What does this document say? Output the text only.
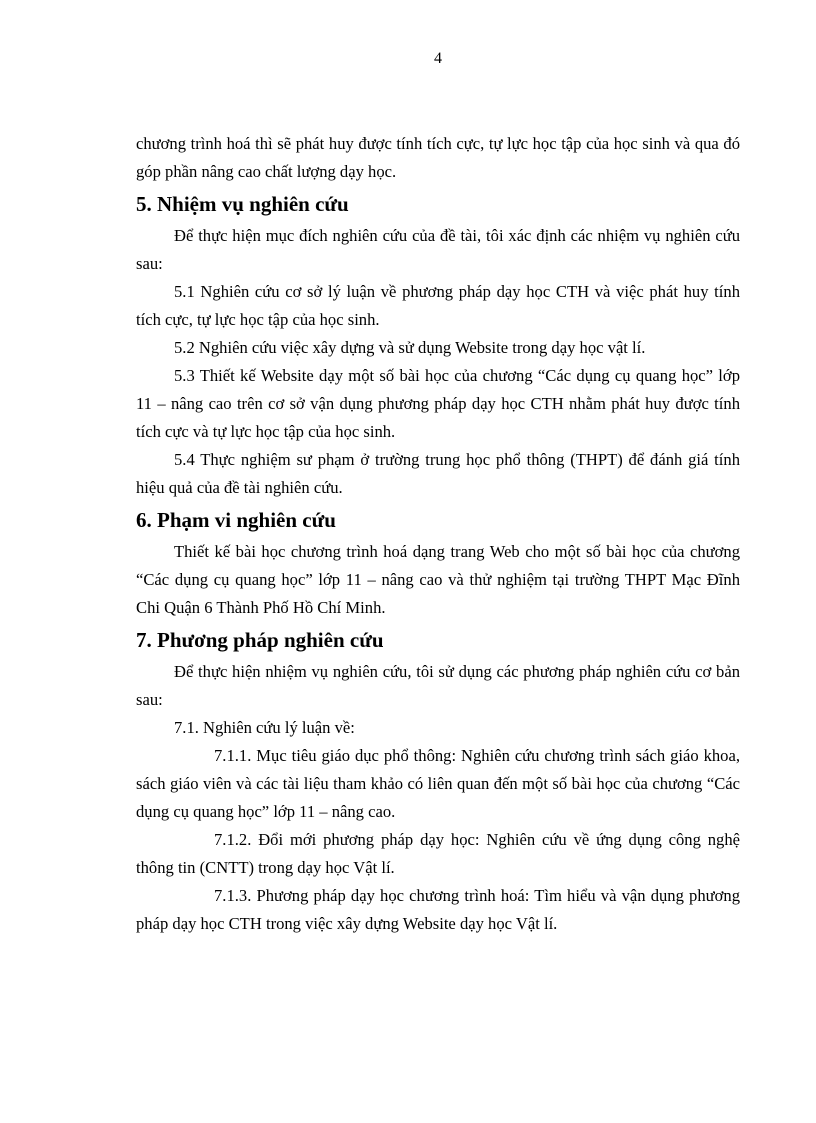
4

chương trình hoá thì sẽ phát huy được tính tích cực, tự lực học tập của học sinh và qua đó góp phần nâng cao chất lượng dạy học.

5. Nhiệm vụ nghiên cứu

Để thực hiện mục đích nghiên cứu của đề tài, tôi xác định các nhiệm vụ nghiên cứu sau:

5.1 Nghiên cứu cơ sở lý luận về phương pháp dạy học CTH và việc phát huy tính tích cực, tự lực học tập của học sinh.

5.2 Nghiên cứu việc xây dựng và sử dụng Website trong dạy học vật lí.

5.3 Thiết kế Website dạy một số bài học của chương “Các dụng cụ quang học” lớp 11 – nâng cao trên cơ sở vận dụng phương pháp dạy học CTH nhằm phát huy được tính tích cực và tự lực học tập của học sinh.

5.4 Thực nghiệm sư phạm ở trường trung học phổ thông (THPT) để đánh giá tính hiệu quả của đề tài nghiên cứu.

6. Phạm vi nghiên cứu

Thiết kế bài học chương trình hoá dạng trang Web cho một số bài học của chương “Các dụng cụ quang học” lớp 11 – nâng cao và thử nghiệm tại trường THPT Mạc Đĩnh Chi Quận 6 Thành Phố Hồ Chí Minh.

7. Phương pháp nghiên cứu

Để thực hiện nhiệm vụ nghiên cứu, tôi sử dụng các phương pháp nghiên cứu cơ bản sau:

7.1. Nghiên cứu lý luận về:

7.1.1. Mục tiêu giáo dục phổ thông: Nghiên cứu chương trình sách giáo khoa, sách giáo viên và các tài liệu tham khảo có liên quan đến một số bài học của chương “Các dụng cụ quang học” lớp 11 – nâng cao.

7.1.2. Đổi mới phương pháp dạy học: Nghiên cứu về ứng dụng công nghệ thông tin (CNTT) trong dạy học Vật lí.

7.1.3. Phương pháp dạy học chương trình hoá: Tìm hiểu và vận dụng phương pháp dạy học CTH trong việc xây dựng Website dạy học Vật lí.
